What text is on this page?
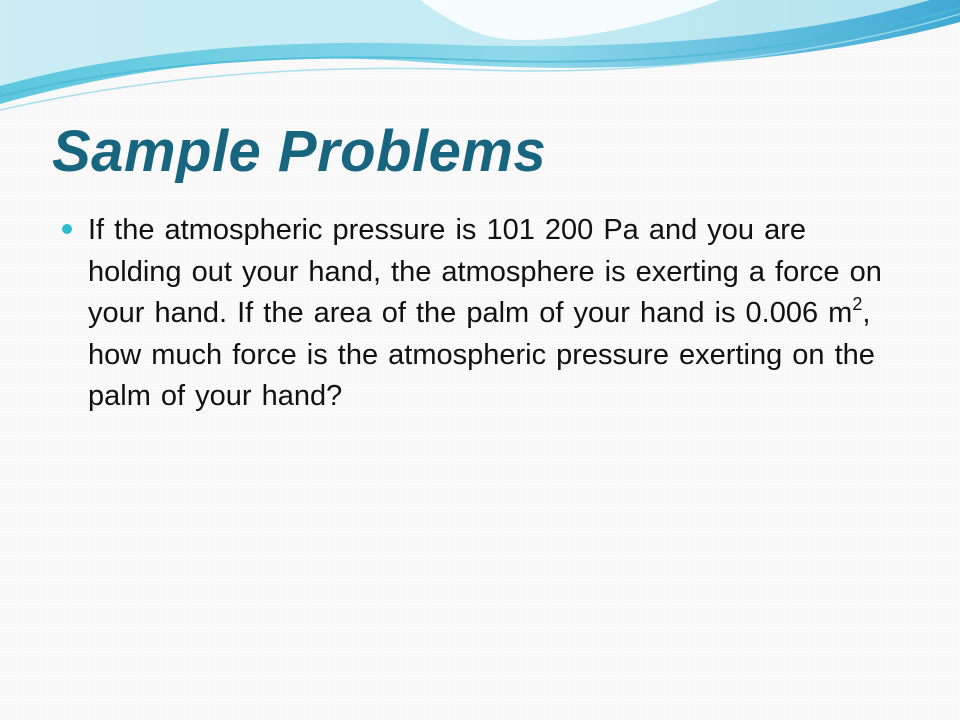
Sample Problems

If the atmospheric pressure is 101 200 Pa and you are holding out your hand, the atmosphere is exerting a force on your hand. If the area of the palm of your hand is 0.006 $m^2$, how much force is the atmospheric pressure exerting on the palm of your hand?
